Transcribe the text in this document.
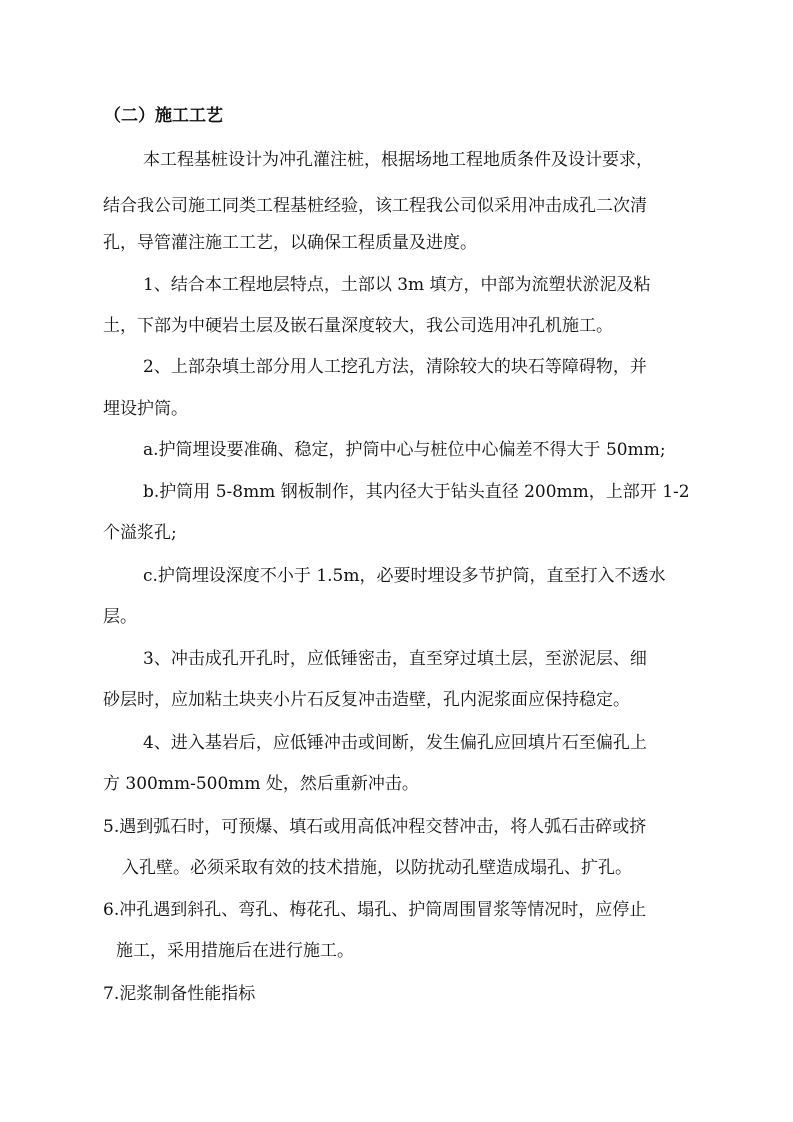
（二）施工工艺

本工程基桩设计为冲孔灌注桩，根据场地工程地质条件及设计要求，

结合我公司施工同类工程基桩经验，该工程我公司似采用冲击成孔二次清

孔，导管灌注施工工艺，以确保工程质量及进度。

1、结合本工程地层特点，土部以 3m 填方，中部为流塑状淤泥及粘

土，下部为中硬岩土层及嵌石量深度较大，我公司选用冲孔机施工。

2、上部杂填土部分用人工挖孔方法，清除较大的块石等障碍物，并

埋设护筒。

a.护筒埋设要准确、稳定，护筒中心与桩位中心偏差不得大于 50mm;

b.护筒用 5-8mm 钢板制作，其内径大于钻头直径 200mm，上部开 1-2

个溢浆孔;

c.护筒埋设深度不小于 1.5m，必要时埋设多节护筒，直至打入不透水

层。

3、冲击成孔开孔时，应低锤密击，直至穿过填土层，至淤泥层、细

砂层时，应加粘土块夹小片石反复冲击造壁，孔内泥浆面应保持稳定。

4、进入基岩后，应低锤冲击或间断，发生偏孔应回填片石至偏孔上

方 300mm-500mm 处，然后重新冲击。

5.遇到弧石时，可预爆、填石或用高低冲程交替冲击，将人弧石击碎或挤

入孔壁。必须采取有效的技术措施，以防扰动孔壁造成塌孔、扩孔。

6.冲孔遇到斜孔、弯孔、梅花孔、塌孔、护筒周围冒浆等情况时，应停止

施工，采用措施后在进行施工。

7.泥浆制备性能指标
